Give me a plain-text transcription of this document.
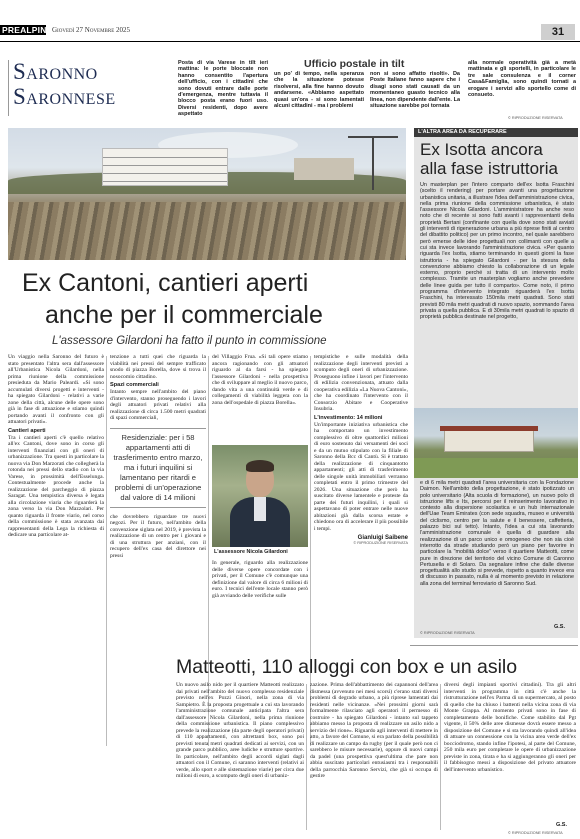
PREALPINA Giovedì 27 Novembre 2025	31
Saronno
Saronnese
Ufficio postale in tilt

Posta di via Varese in tilt ieri mattina: le porte bloccate non hanno consentito l'apertura dell'ufficio, con i cittadini che sono dovuti entrare dalle porte d'emergenza, mentre tuttavia il blocco posta erano fuori uso. Diversi residenti, dopo avere aspettato

un po' di tempo, nella speranza che la situazione potesse risolversi, alla fine hanno dovuto andarsene. «Abbiamo aspettato quasi un'ora - si sono lamentati alcuni cittadini - ma i problemi

non si sono affatto risolti». Da Poste Italiane fanno sapere che i disagi sono stati causati da un momentaneo guasto tecnico alla linea, non dipendente dall'ente. La situazione sarebbe poi tornata

alla normale operatività già a metà mattinata e gli sportelli, in particolare le tre sale consulenza e il corner Casa&Famiglia, sono quindi tornati a erogare i servizi allo sportello come di consueto.

© RIPRODUZIONE RISERVATA
Ex Cantoni, cantieri aperti
anche per il commerciale
L'assessore Gilardoni ha fatto il punto in commissione

Un viaggio nella Saronno del futuro è stato presentato l'altra sera dall'assessore all'Urbanistica Nicola Gilardoni, nella prima riunione della commissione presieduta da Mario Paleardi. «Si sono accumulati diversi progetti e interventi - ha spiegato Gilardoni - relativi a varie zone della città, alcune delle opere sono già in fase di attuazione e stiamo quindi portando avanti il confronto con gli attuatori privati».

Cantieri aperti

Tra i cantieri aperti c'è quello relativo all'ex Cantoni, dove sono in corso gli interventi finanziati con gli oneri di urbanizzazione. Tra questi in particolare la nuova via Don Marzorati che collegherà la rotonda nei pressi dello stadio con la via Varese, in prossimità dell'Esselunga. Contestualmente procede anche la realizzazione del parcheggio di piazza Saragat. Una tempistica diversa è legata alla circolazione viaria che riguarderà la zona verso la via Don Mazzolari. Per quanto riguarda il fronte viario, nel corso della commissione è stata avanzata dai rappresentanti della Lega la richiesta di dedicare una particolare at-

tenzione a tutti quei che riguarda la viabilità nei pressi del sempre trafficato snodo di piazza Borella, dove si trova il nosocomio cittadino.

Spazi commerciali

Intanto sempre nell'ambito del piano d'intervento, stanno proseguendo i lavori degli attuatori privati relativi alla realizzazione di circa 1.500 metri quadrati di spazi commerciali,

Residenziale: per i 58 appartamenti atti di trasferimento entro marzo, ma i futuri inquilini si lamentano per ritardi e problemi di un'operazione dal valore di 14 milioni

che dovrebbero riguardare tre nuovi negozi. Per il futuro, nell'ambito della convenzione siglata nel 2019, è prevista la realizzazione di un centro per i giovani e di una struttura per anziani, con il recupero dell'ex casa del direttore nei pressi

del Villaggio Frua. «Si tali opere stiamo ancora ragionando con gli attuatori riguardo al da farsi - ha spiegato l'assessore Gilardoni - nella prospettiva che di sviluppare al meglio il nuovo parco, dando vita a una continuità verde e di collegamenti di viabilità leggera con la zona dell'ospedale di piazza Borella».

L'assessore Nicola Gilardoni

In generale, riguardo alla realizzazione delle diverse opere concordate con i privati, per il Comune c'è comunque una definizione dal valore di circa 6 milioni di euro. I tecnici dell'ente locale stanno però già avviando delle verifiche sulle

tempistiche e sulle modalità della realizzazione degli interventi previsti a scomputo degli oneri di urbanizzazione. Proseguono infine i lavori per l'intervento di edilizia convenzionata, attuato dalla cooperativa edilizia «La Nuova Cantoni», che ha coordinato l'intervento con il Consorzio Abitare e Cooperative Insubria.

L'investimento: 14 milioni

Un'importante iniziativa urbanistica che ha comportato un investimento complessivo di oltre quattordici milioni di euro sostenuto dai versamenti dei soci e da un mutuo stipulato con la filiale di Saronno della Bcc di Cantù. Si è trattato della realizzazione di cinquantotto appartamenti; gli atti di trasferimento delle singole unità immobiliari verranno completati entro il primo trimestre del 2026. Una situazione che però ha suscitato diverse lamentele e proteste da parte dei futuri inquilini, i quali si aspettavano di poter entrare nelle nuove abitazioni già dalla scorsa estate e chiedono ora di accelerare il più possibile i tempi.

Gianluigi Saibene
© RIPRODUZIONE RISERVATA
L'ALTRA AREA DA RECUPERARE
Ex Isotta ancora
alla fase istruttoria

Un masterplan per l'intero comparto dell'ex Isotta Fraschini (scelto il rendering) per portare avanti una progettazione urbanistica unitaria, a illustrare l'idea dell'amministrazione civica, nella prima riunione della commissione urbanistica, è stato l'assessore Nicola Gilardoni. L'amministratore ha anche reso noto che di recente si sono fatti avanti i rappresentanti della proprietà Bertani (confinante con quella dove sono stati avviati gli interventi di rigenerazione urbana a più riprese finiti al centro del dibattito politico) per un primo incontro, nel quale sarebbero però emerse delle idee progettuali non collimanti con quelle a cui sta invece lavorando l'amministrazione civica. «Per quanto riguarda l'ex Isotta, stiamo terminando in questi giorni la fase istruttoria - ha spiegato Gilardoni - per la stesura della convenzione abbiamo chiesto la collaborazione di un legale esterno, proprio perché si tratta di un intervento molto complesso. Tramite un masterplan vogliamo anche prevedere delle linee guida per tutto il comparto». Come noto, il primo programma d'intervento integrato riguarderà l'ex Isotta Fraschini, ha interessato 150mila metri quadrati. Sono stati previsti 80 mila metri quadrati di nuovo spazio, sommando l'area privata a quella pubblica. E di 30mila metri quadrati lo spazio di proprietà pubblica destinate nel progetto,

e di 6 mila metri quadrati l'area universitaria con la Fondazione Daimon. Nell'ambito della progettazione, è stato ipotizzato un polo universitario (Alta scuola di formazione), un nuovo polo di istruzione lifts e Its, percorsi per il reinserimento lavorativo in contesto alla dispersione scolastica e un hub internazionale dell'Uae Team Emirates (con sede squadra, museo e università del ciclismo, centro per la salute e il benessere, caffetteria, palazzo bici sul tetto). Intanto, l'idea a cui sta lavorando l'amministrazione comunale è quella di guardare alla realizzazione di un parco unico e omogeneo che non sia cioè interrotto da strade studiando però un piano per favorire in particolare la "mobilità dolce" verso il quartiere Matteotti, come pure in direzione del territorio del vicino Comune di Caronno Pertusella e di Solaro. Da segnalare infine che dalle diverse progettualità allo studio si prevede, rispetto a quanto invece era di discusso in passato, nulla è al momento previsto in relazione alla zona del terminal ferroviario di Saronno Sud.

G.S.
© RIPRODUZIONE RISERVATA
Matteotti, 110 alloggi con box e un asilo

Un nuovo asilo nido per il quartiere Matteotti realizzato dai privati nell'ambito del nuovo complesso residenziale previsto nell'ex Pozzi Ginori, nella zona di via Sampietro. È la proposta progettuale a cui sta lavorando l'amministrazione comunale anticipata l'altra sera dall'assessore Nicola Gilardoni, nella prima riunione della commissione urbanistica. Il piano complessivo prevede la realizzazione (da parte degli operatori privati) di 110 appartamenti, con altrettanti box, sono poi previsti tenuta metri quadrati dedicati ai servizi, con un grande parco pubblico, aree ludiche e strutture sportive. In particolare, nell'ambito degli accordi siglati dagli attuatori con il Comune, ci saranno interventi (relativi ai verde, allo sport e alle sistemazione viarie) per circa due milioni di euro, a scomputo degli oneri di urbaniz-

zazione. Prima dell'abbattimento dei capannoni dell'area dismessa (avvenuto nei mesi scorsi) c'erano stati diversi problemi di degrado urbano, a più riprese lamentati dai residenti nelle vicinanze. «Nei prossimi giorni sarà formalmente rilasciato agli operatori il permesso di costruire - ha spiegato Gilardoni - intanto sul tappeto abbiamo messo la proposta di realizzare un asilo nido a servizio del rione». Riguardo agli interventi di mettere in atto, a favore del Comune, si era parlato della possibilità di realizzare un campo da rugby (per il quale però non ci sarebbero le misure necessarie), oppure di nuovi campi da padel (una prospettiva quest'ultima che pare non abbia suscitato particolari entusiasmi tra i responsabili della parrocchia Saronno Servizi, che già si occupa di gestire

diversi degli impianti sportivi cittadini). Tra gli altri interventi in programma in città c'è anche la ristrutturazione nell'ex Parma di un supermercato, al posto di quello che ha chiuso i battenti nella vicina zona di via Monte Grappa. Al momento privati sono in fase di completamento delle bonifiche. Come stabilito dal Pgt vigente, il 50% delle aree dismesse dovrà essere messo a disposizione del Comune e si sta lavorando quindi all'idea di attuare un connessione con la vicina area verde dell'ex bocciodromo, stando infine l'ipotesi, al parte del Comune, 250 mila euro per completare le opere di urbanizzazione previste in zona, tirata e ha si aggiungeranno gli oneri per il fabbisogno messi a disposizione del privato attuatore dell'intervento urbanistico.

G.S.
© RIPRODUZIONE RISERVATA
